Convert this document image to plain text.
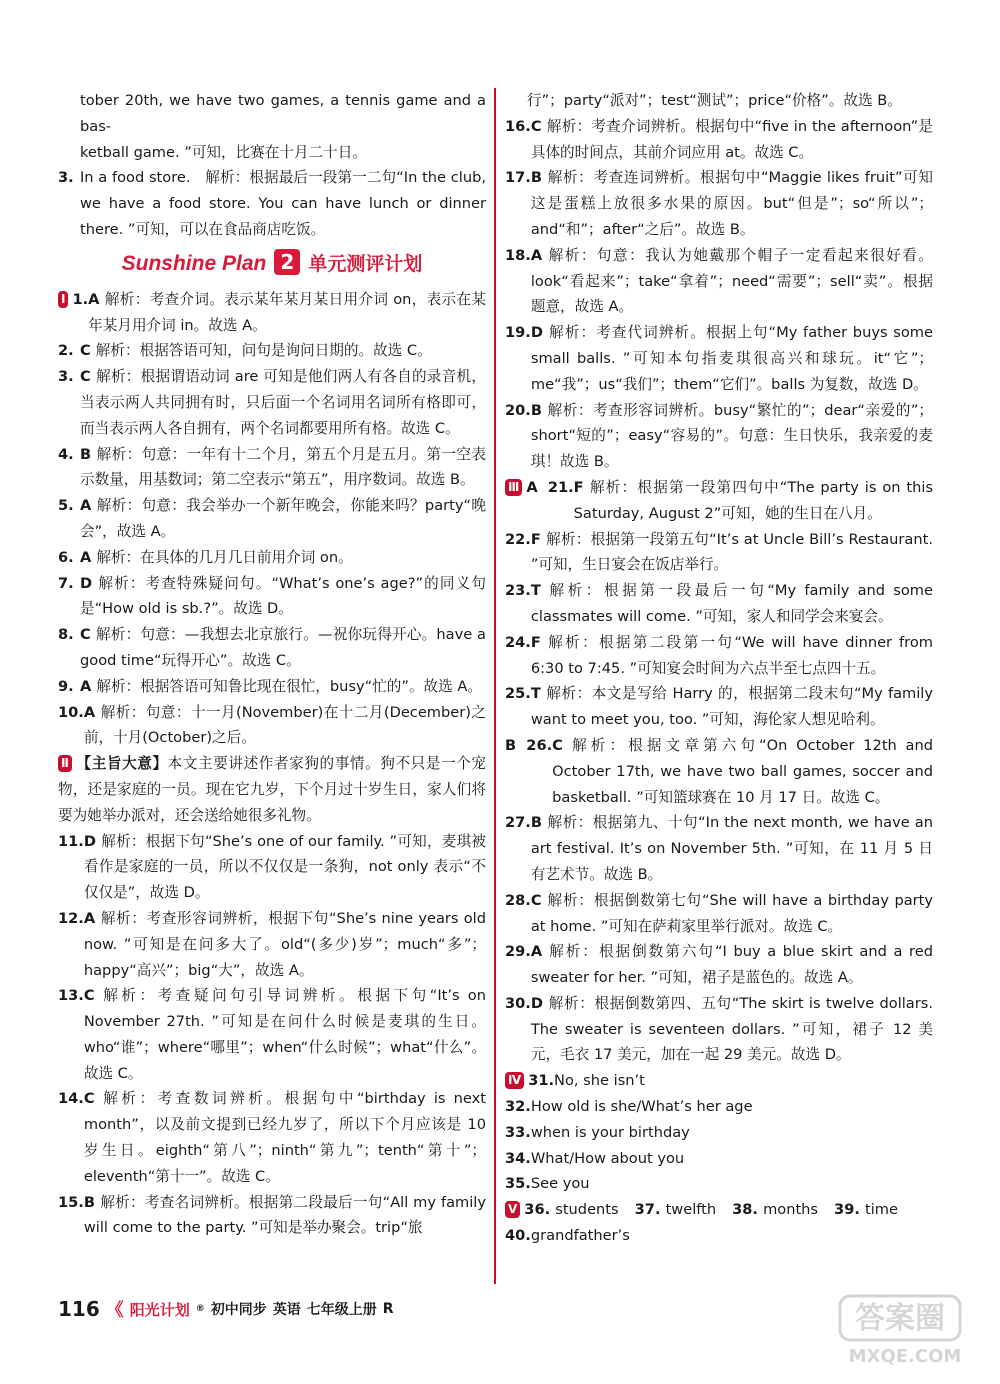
tober 20th, we have two games, a tennis game and a bas-

ketball game. ”可知，比赛在十月二十日。

3. In a food store.　解析：根据最后一段第一二句“In the club, we have a food store. You can have lunch or dinner there. ”可知，可以在食品商店吃饭。
Sunshine Plan 2 单元测评计划
Ⅰ 1. A 解析：考查介词。表示某年某月某日用介词 on，表示在某年某月用介词 in。故选 A。
2. C 解析：根据答语可知，问句是询问日期的。故选 C。
3. C 解析：根据谓语动词 are 可知是他们两人有各自的录音机，当表示两人共同拥有时，只后面一个名词用名词所有格即可，而当表示两人各自拥有，两个名词都要用所有格。故选 C。
4. B 解析：句意：一年有十二个月，第五个月是五月。第一空表示数量，用基数词；第二空表示“第五”，用序数词。故选 B。
5. A 解析：句意：我会举办一个新年晚会，你能来吗？party“晚会”，故选 A。
6. A 解析：在具体的几月几日前用介词 on。
7. D 解析：考查特殊疑问句。“What’s one’s age?”的同义句是“How old is sb.?”。故选 D。
8. C 解析：句意：—我想去北京旅行。—祝你玩得开心。have a good time“玩得开心”。故选 C。
9. A 解析：根据答语可知鲁比现在很忙，busy“忙的”。故选 A。
10. A 解析：句意：十一月(November)在十二月(December)之前，十月(October)之后。

Ⅱ 【主旨大意】本文主要讲述作者家狗的事情。狗不只是一个宠物，还是家庭的一员。现在它九岁，下个月过十岁生日，家人们将要为她举办派对，还会送给她很多礼物。

11. D 解析：根据下句“She’s one of our family. ”可知，麦琪被看作是家庭的一员，所以不仅仅是一条狗，not only 表示“不仅仅是”，故选 D。
12. A 解析：考查形容词辨析，根据下句“She’s nine years old now. ”可知是在问多大了。old“(多少)岁”；much“多”；happy“高兴”；big“大”，故选 A。
13. C 解析：考查疑问句引导词辨析。根据下句“It’s on November 27th. ”可知是在问什么时候是麦琪的生日。who“谁”；where“哪里”；when“什么时候”；what“什么”。故选 C。
14. C 解析：考查数词辨析。根据句中“birthday is next month”，以及前文提到已经九岁了，所以下个月应该是 10 岁生日。eighth“第八”；ninth“第九”；tenth“第十”；eleventh“第十一”。故选 C。
15. B 解析：考查名词辨析。根据第二段最后一句“All my family will come to the party. ”可知是举办聚会。trip“旅

行”；party“派对”；test“测试”；price“价格”。故选 B。

16. C 解析：考查介词辨析。根据句中“five in the afternoon”是具体的时间点，其前介词应用 at。故选 C。
17. B 解析：考查连词辨析。根据句中“Maggie likes fruit”可知这是蛋糕上放很多水果的原因。but“但是”；so“所以”；and“和”；after“之后”。故选 B。
18. A 解析：句意：我认为她戴那个帽子一定看起来很好看。look“看起来”；take“拿着”；need“需要”；sell“卖”。根据题意，故选 A。
19. D 解析：考查代词辨析。根据上句“My father buys some small balls. ”可知本句指麦琪很高兴和球玩。it“它”；me“我”；us“我们”；them“它们”。balls 为复数，故选 D。
20. B 解析：考查形容词辨析。busy“繁忙的”；dear“亲爱的”；short“短的”；easy“容易的”。句意：生日快乐，我亲爱的麦琪！故选 B。
Ⅲ A  21. F 解析：根据第一段第四句中“The party is on this Saturday, August 2”可知，她的生日在八月。
22. F 解析：根据第一段第五句“It’s at Uncle Bill’s Restaurant. ”可知，生日宴会在饭店举行。
23. T 解析：根据第一段最后一句“My family and some classmates will come. ”可知，家人和同学会来宴会。
24. F 解析：根据第二段第一句“We will have dinner from 6:30 to 7:45. ”可知宴会时间为六点半至七点四十五。
25. T 解析：本文是写给 Harry 的，根据第二段末句“My family want to meet you, too. ”可知，海伦家人想见哈利。
B  26. C 解析：根据文章第六句“On October 12th and October 17th, we have two ball games, soccer and basketball. ”可知篮球赛在 10 月 17 日。故选 C。
27. B 解析：根据第九、十句“In the next month, we have an art festival. It’s on November 5th. ”可知，在 11 月 5 日有艺术节。故选 B。
28. C 解析：根据倒数第七句“She will have a birthday party at home. ”可知在萨莉家里举行派对。故选 C。
29. A 解析：根据倒数第六句“I buy a blue skirt and a red sweater for her. ”可知，裙子是蓝色的。故选 A。
30. D 解析：根据倒数第四、五句“The skirt is twelve dollars. The sweater is seventeen dollars. ”可知，裙子 12 美元，毛衣 17 美元，加在一起 29 美元。故选 D。
Ⅳ 31. No, she isn’t
32. How old is she/What’s her age
33. when is your birthday
34. What/How about you
35. See you
Ⅴ 36. students 37. twelfth 38. months 39. time
40. grandfather’s
116 《 阳光计划 ® 初中同步 英语 七年级上册 R	答案圈
MXQE.COM
